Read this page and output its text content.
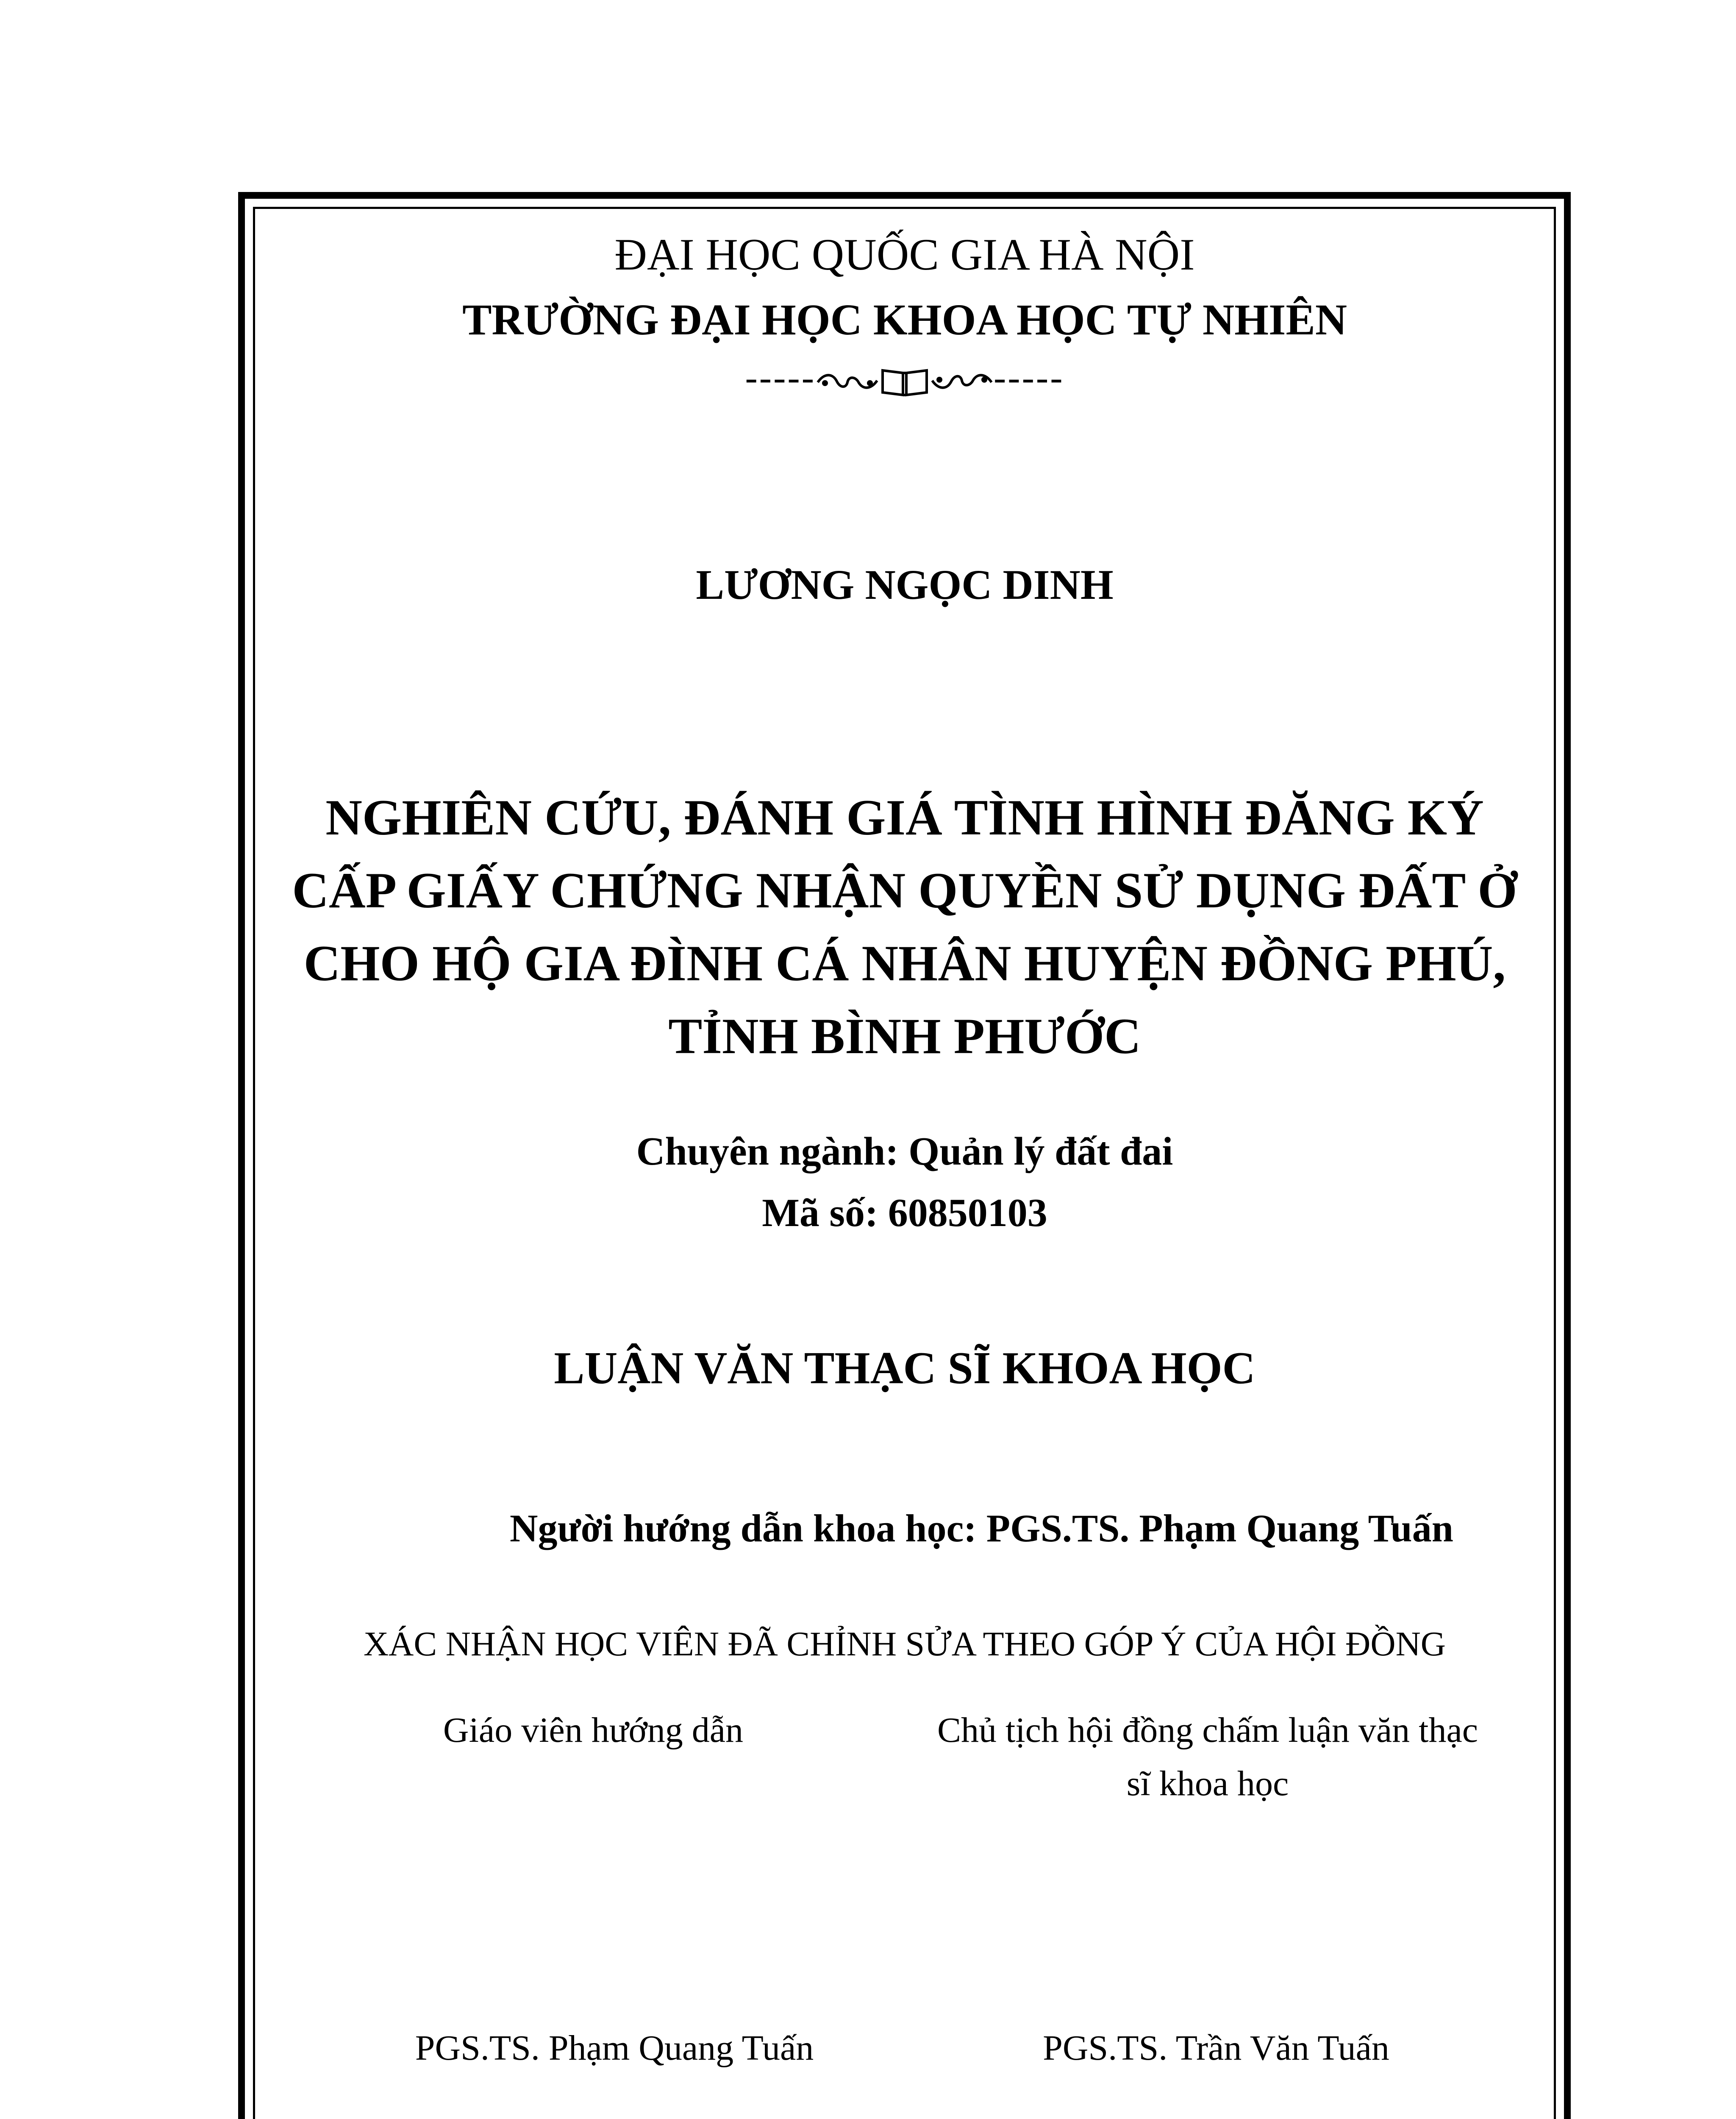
ĐẠI HỌC QUỐC GIA HÀ NỘI
TRƯỜNG ĐẠI HỌC KHOA HỌC TỰ NHIÊN
-----	-----
LƯƠNG NGỌC DINH
NGHIÊN CỨU, ĐÁNH GIÁ TÌNH HÌNH ĐĂNG KÝ CẤP GIẤY CHỨNG NHẬN QUYỀN SỬ DỤNG ĐẤT Ở CHO HỘ GIA ĐÌNH CÁ NHÂN HUYỆN ĐỒNG PHÚ, TỈNH BÌNH PHƯỚC
Chuyên ngành: Quản lý đất đai
Mã số: 60850103
LUẬN VĂN THẠC SĨ KHOA HỌC
Người hướng dẫn khoa học: PGS.TS. Phạm Quang Tuấn
XÁC NHẬN HỌC VIÊN ĐÃ CHỈNH SỬA THEO GÓP Ý CỦA HỘI ĐỒNG
Giáo viên hướng dẫn	Chủ tịch hội đồng chấm luận văn thạc sĩ khoa học
PGS.TS. Phạm Quang Tuấn	PGS.TS. Trần Văn Tuấn
